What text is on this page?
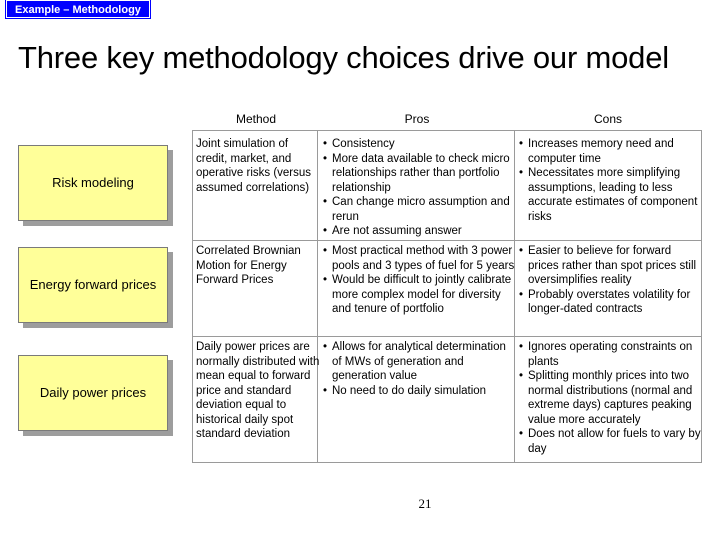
Example – Methodology
Three key methodology choices drive our model
Method	Pros	Cons
Risk modeling
Joint simulation of credit, market, and operative risks (versus assumed correlations)
• Consistency
• More data available to check micro relationships rather than portfolio relationship
• Can change micro assumption and rerun
• Are not assuming answer
• Increases memory need and computer time
• Necessitates more simplifying assumptions, leading to less accurate estimates of component risks
Energy forward prices
Correlated Brownian Motion for Energy Forward Prices
• Most practical method with 3 power pools and 3 types of fuel for 5 years
• Would be difficult to jointly calibrate more complex model for diversity and tenure of portfolio
• Easier to believe for forward prices rather than spot prices still oversimplifies reality
• Probably overstates volatility for longer-dated contracts
Daily power prices
Daily power prices are normally distributed with mean equal to forward price and standard deviation equal to historical daily spot standard deviation
• Allows for analytical determination of MWs of generation and generation value
• No need to do daily simulation
• Ignores operating constraints on plants
• Splitting monthly prices into two normal distributions (normal and extreme days) captures peaking value more accurately
• Does not allow for fuels to vary by day
21
